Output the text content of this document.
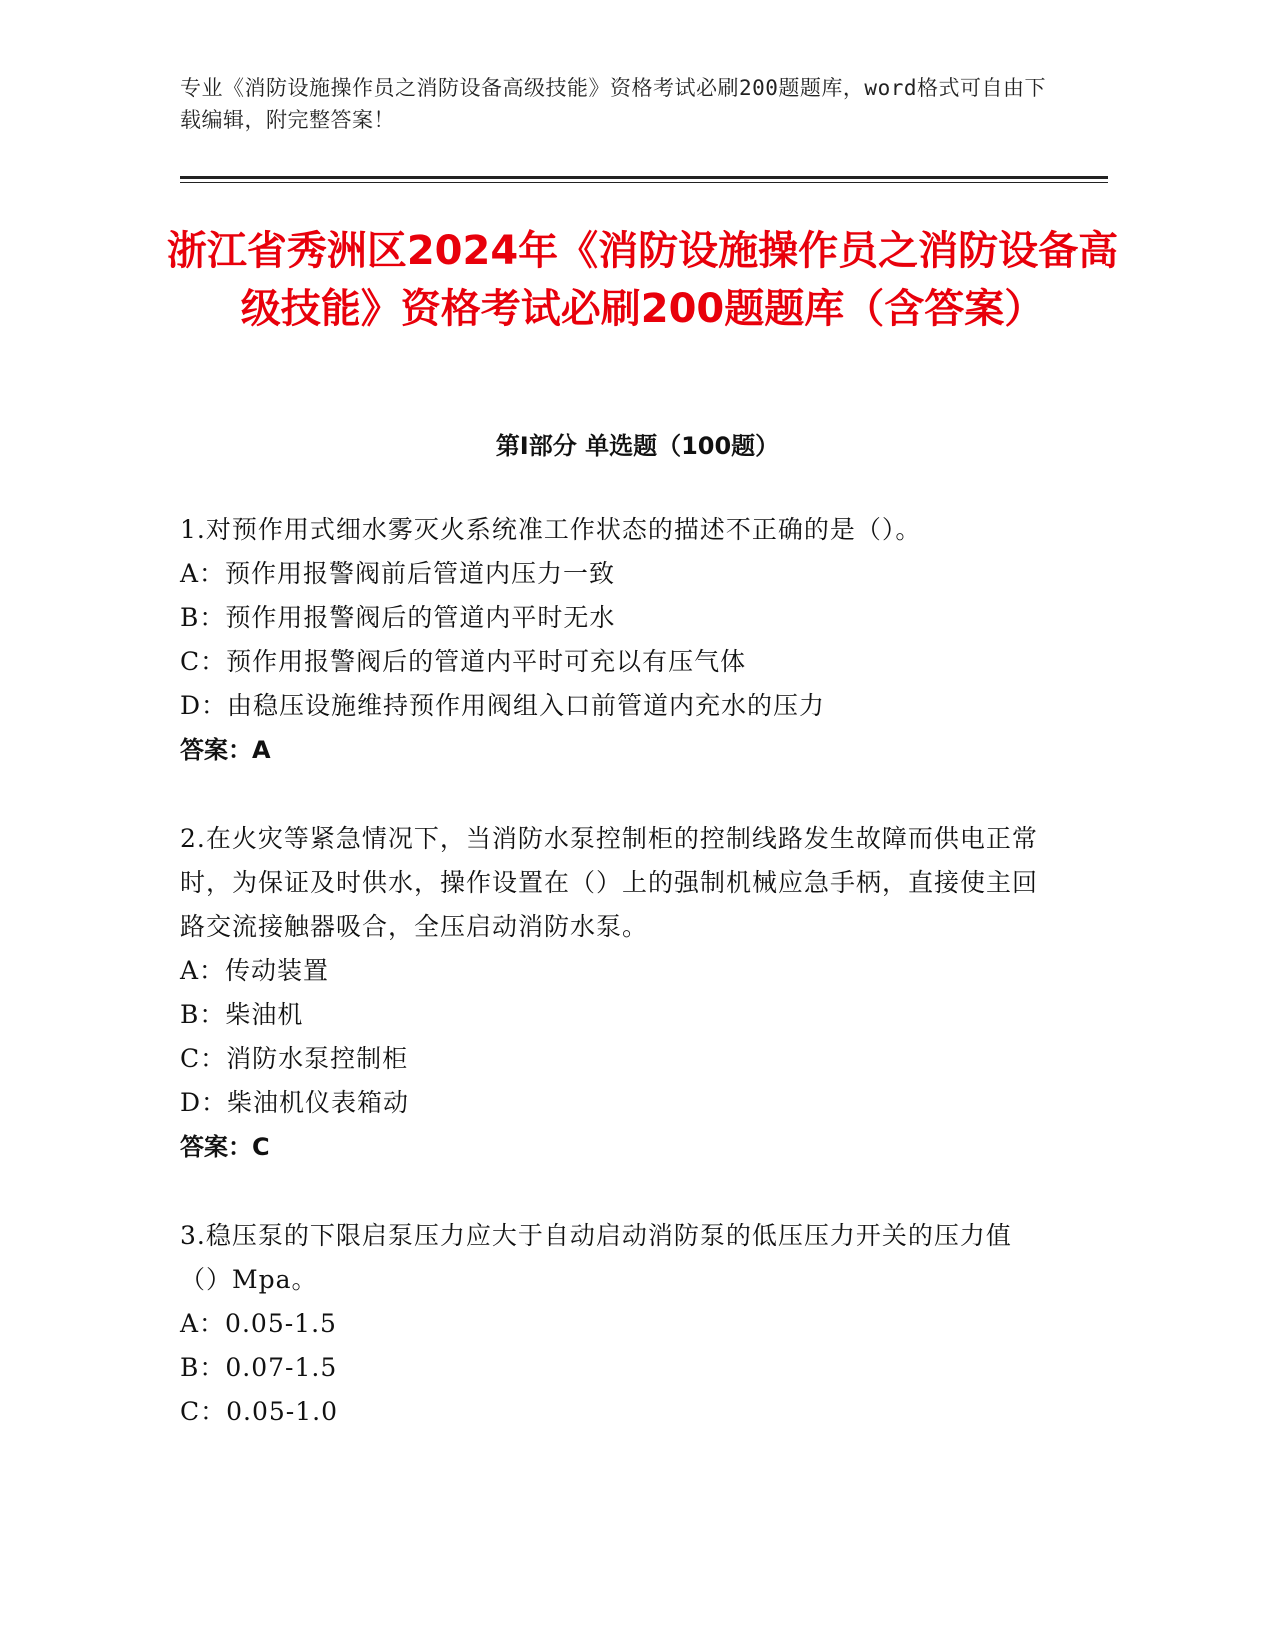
专业《消防设施操作员之消防设备高级技能》资格考试必刷200题题库，word格式可自由下载编辑，附完整答案！
浙江省秀洲区2024年《消防设施操作员之消防设备高级技能》资格考试必刷200题题库（含答案）
第Ⅰ部分 单选题（100题）

1.对预作用式细水雾灭火系统准工作状态的描述不正确的是（）。

A：预作用报警阀前后管道内压力一致

B：预作用报警阀后的管道内平时无水

C：预作用报警阀后的管道内平时可充以有压气体

D：由稳压设施维持预作用阀组入口前管道内充水的压力

答案：A

2.在火灾等紧急情况下，当消防水泵控制柜的控制线路发生故障而供电正常时，为保证及时供水，操作设置在（）上的强制机械应急手柄，直接使主回路交流接触器吸合，全压启动消防水泵。

A：传动装置

B：柴油机

C：消防水泵控制柜

D：柴油机仪表箱动

答案：C

3.稳压泵的下限启泵压力应大于自动启动消防泵的低压压力开关的压力值（）Mpa。

A：0.05-1.5

B：0.07-1.5

C：0.05-1.0
